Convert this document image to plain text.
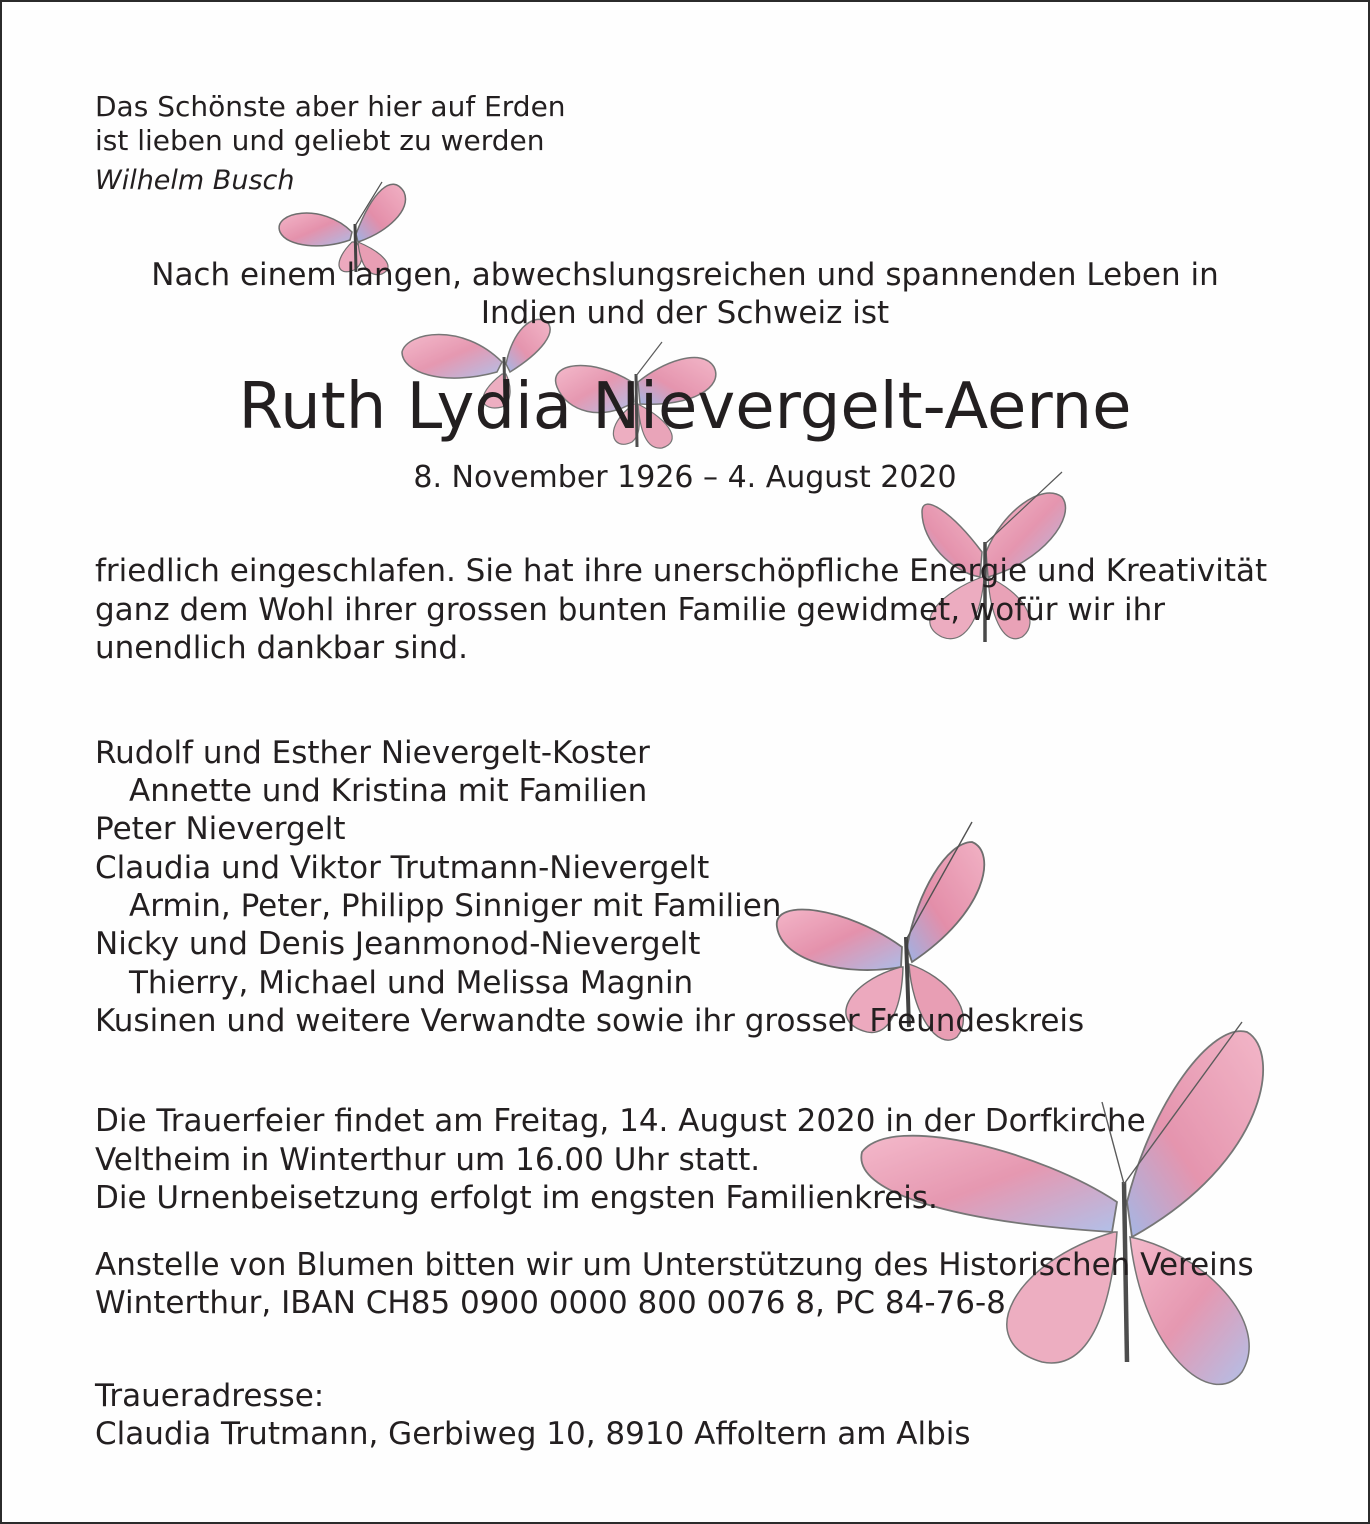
Das Schönste aber hier auf Erden
ist lieben und geliebt zu werden
Wilhelm Busch
Nach einem langen, abwechslungsreichen und spannenden Leben in
Indien und der Schweiz ist
Ruth Lydia Nievergelt-Aerne
8. November 1926 – 4. August 2020
friedlich eingeschlafen. Sie hat ihre unerschöpfliche Energie und Kreativität
ganz dem Wohl ihrer grossen bunten Familie gewidmet, wofür wir ihr
unendlich dankbar sind.
Rudolf und Esther Nievergelt-Koster
Annette und Kristina mit Familien
Peter Nievergelt
Claudia und Viktor Trutmann-Nievergelt
Armin, Peter, Philipp Sinniger mit Familien
Nicky und Denis Jeanmonod-Nievergelt
Thierry, Michael und Melissa Magnin
Kusinen und weitere Verwandte sowie ihr grosser Freundeskreis
Die Trauerfeier findet am Freitag, 14. August 2020 in der Dorfkirche
Veltheim in Winterthur um 16.00 Uhr statt.
Die Urnenbeisetzung erfolgt im engsten Familienkreis.
Anstelle von Blumen bitten wir um Unterstützung des Historischen Vereins
Winterthur, IBAN CH85 0900 0000 800 0076 8, PC 84-76-8
Traueradresse:
Claudia Trutmann, Gerbiweg 10, 8910 Affoltern am Albis
